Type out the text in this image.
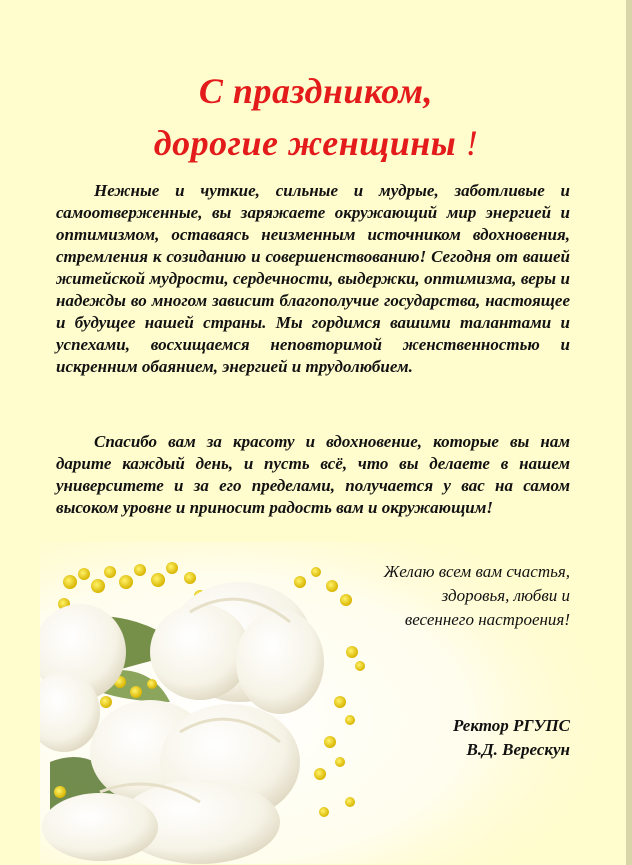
С праздником,
дорогие женщины !
Нежные и чуткие, сильные и мудрые, заботливые и самоотверженные, вы заряжаете окружающий мир энергией и оптимизмом, оставаясь неизменным источником вдохновения, стремления к созиданию и совершенствованию! Сегодня от вашей житейской мудрости, сердечности, выдержки, оптимизма, веры и надежды во многом зависит благополучие государства, настоящее и будущее нашей страны. Мы гордимся вашими талантами и успехами, восхищаемся неповторимой женственностью и искренним обаянием, энергией и трудолюбием.
Спасибо вам за красоту и вдохновение, которые вы нам дарите каждый день, и пусть всё, что вы делаете в нашем университете и за его пределами, получается у вас на самом высоком уровне и приносит радость вам и окружающим!
Желаю всем вам счастья,
здоровья, любви и
весеннего настроения!
Ректор РГУПС
В.Д. Верескун
